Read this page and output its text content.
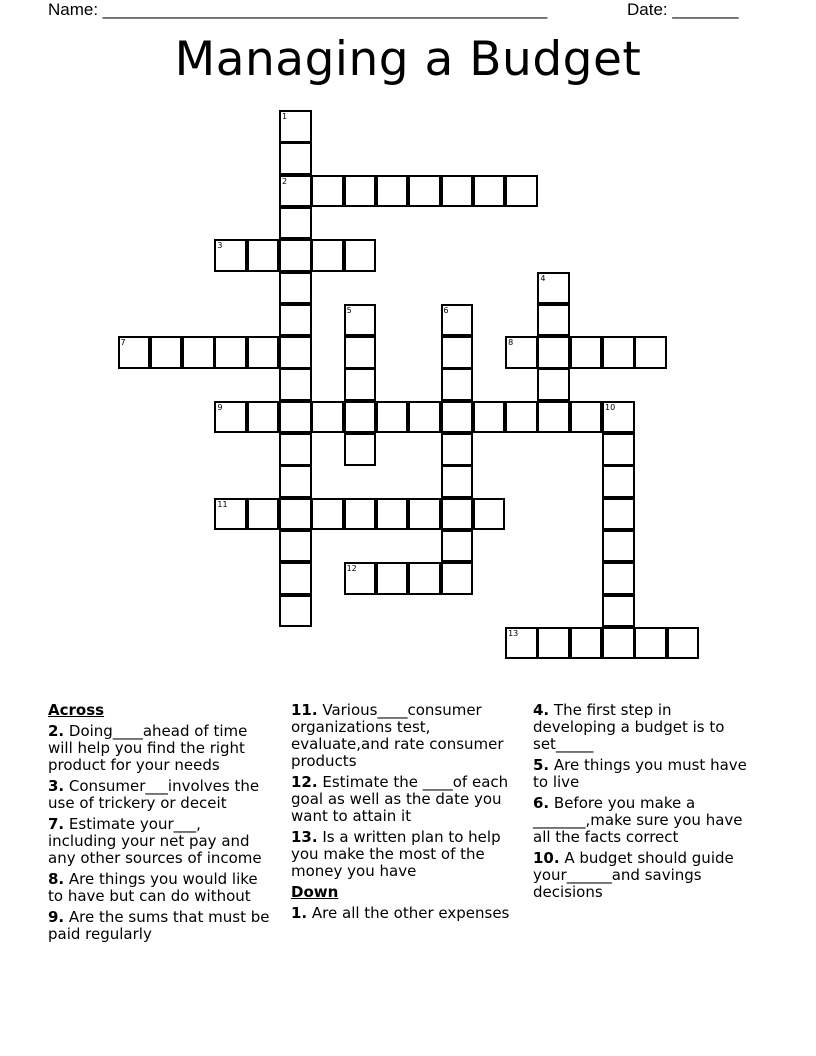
Name: _______________________________________________	Date: _______
Managing a Budget
1
2
3
4
5	6
7	8
9	10
11
12
13
Across
2. Doing____ahead of time will help you find the right product for your needs
3. Consumer___involves the use of trickery or deceit
7. Estimate your___, including your net pay and any other sources of income
8. Are things you would like to have but can do without
9. Are the sums that must be paid regularly
11. Various____consumer organizations test, evaluate,and rate consumer products
12. Estimate the ____of each goal as well as the date you want to attain it
13. Is a written plan to help you make the most of the money you have
Down
1. Are all the other expenses
4. The first step in developing a budget is to set_____
5. Are things you must have to live
6. Before you make a _______,make sure you have all the facts correct
10. A budget should guide your______and savings decisions
